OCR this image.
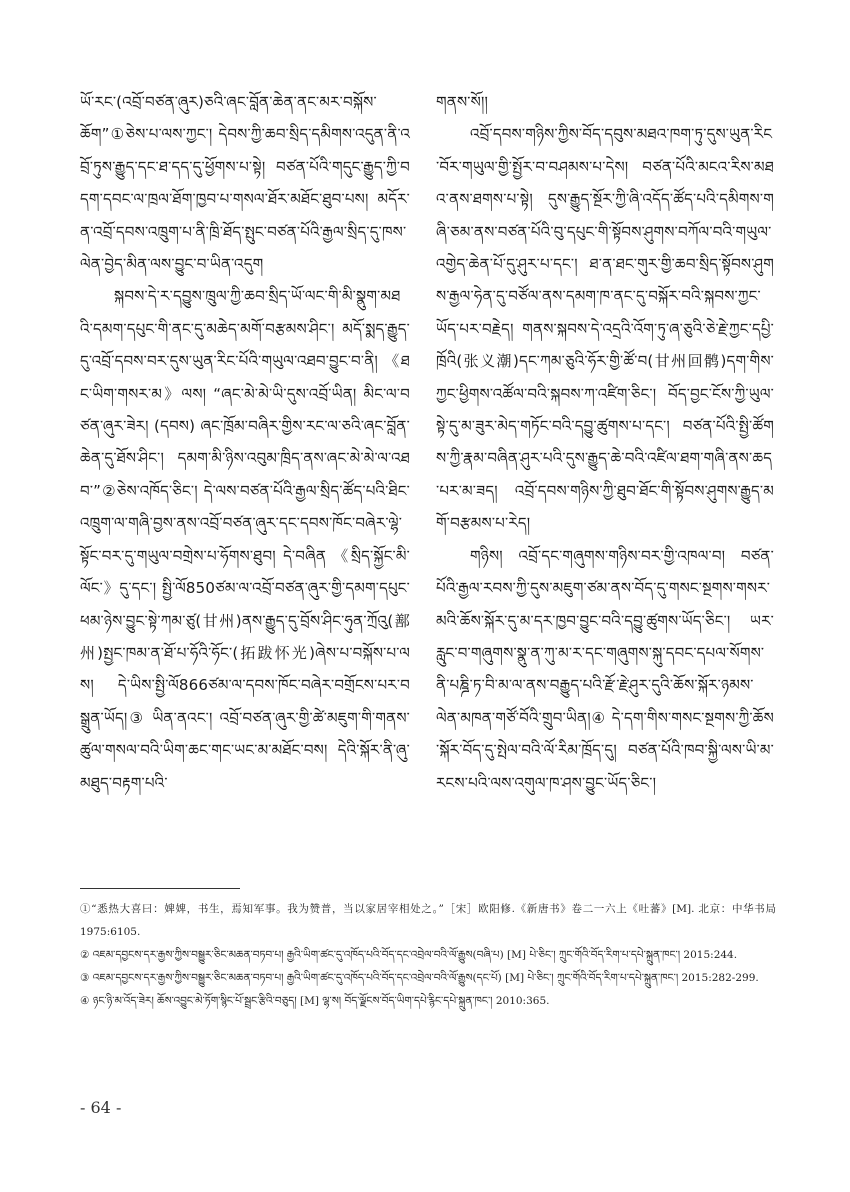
ཡོ་རང་(འབྲོ་བཙན་ཞུར)ཅའི་ཞང་བློན་ཆེན་ནང་མར་བསྐོས་ཆོག”①ཅེས་པ་ལས་ཀྱང་། དེབས་ཀྱི་ཆབ་སྲིད་དམིགས་འདུན་ནི་འབྲོ་ཏུས་རྒྱུད་དང་ཐ་དད་དུ་ཕྱོགས་པ་སྟེ། བཙན་པོའི་གདུང་རྒྱུད་ཀྱི་བདག་དབང་ལ་ཁྲལ་ཐོག་ཁྱབ་པ་གསལ་ཐོར་མཐོང་ཐུབ་པས། མདོར་ན་འབྲོ་དབས་འཁྲུག་པ་ནི་ཁྲི་ཐོད་སྤུང་བཙན་པོའི་རྒྱལ་སྲིད་དུ་ཁས་ལེན་བྱེད་མིན་ལས་བྱུང་བ་ཡིན་འདུག

སྐབས་དེ་ར་དབྱུས་ཁྲུལ་ཀྱི་ཆབ་སྲིད་ཡོ་ལང་གི་མི་སྣུག་མཐའི་དམག་དཔུང་གི་ནང་དུ་མཆེད་མགོ་བརྩམས་ཤིང་། མདོ་སྨད་རྒྱུད་དུ་འབྲོ་དབས་བར་དུས་ཡུན་རིང་པོའི་གཡུལ་འཐབ་བྱུང་བ་ནི། 《ཐང་ཡིག་གསར་མ》ལས། “ཞང་མེ་མེ་ཡི་དུས་འབྲོ་ཡིན། མིང་ལ་བཙན་ཞུར་ཟེར། (དབས) ཞང་ཁྲོམ་བཞིར་གྱིས་རང་ལ་ཅའི་ཞང་བློན་ཆེན་དུ་ཐོས་ཤིང་། དམག་མི་ཉིས་འབུམ་ཁྲིད་ནས་ཞང་མེ་མེ་ལ་འཐབ་”②ཅེས་འཁོད་ཅིང་། དེ་ལས་བཙན་པོའི་རྒྱལ་སྲིད་ཚོད་པའི་ཐིང་འཁྲུག་ལ་གཞི་བྱས་ནས་འབྲོ་བཙན་ཞུར་དང་དབས་ཁོང་བཞེར་ལྷེ་སྟོང་བར་དུ་གཡུལ་བགྲེས་པ་ཧོགས་ཐུབ། དེ་བཞིན 《སྲིད་སྐྱོང་མི་ལོང་》དུ་དང་། སྤྱི་ལོ850ཙམ་ལ་འབྲོ་བཙན་ཞུར་གྱི་དམག་དཔུང་ཕམ་ཉེས་བྱུང་སྟེ་ཀམ་ཙུ(甘州)ནས་རྒྱུད་དུ་བྲོས་ཤིང་ཧུན་ཀྲོའུ(鄯州)སྤྱང་ཁམ་ན་ཐོ་པ་ཧོའི་ཧོང་(拓跋怀光)ཞེས་པ་བསྐོས་པ་ལས། དེ་ཡིས་སྤྱི་ལོ866ཙམ་ལ་དབས་ཁོང་བཞེར་བགྲོངས་པར་བསྒྲུན་ཡོད།③ ཡིན་ནའང་། འབྲོ་བཙན་ཞུར་གྱི་ཚེ་མཇུག་གི་གནས་ཚུལ་གསལ་བའི་ཡིག་ཆང་གང་ཡང་མ་མཐོང་བས། དེའི་སྐོར་ནི་ཞུ་མཐུད་བརྟག་པའི་

གནས་སོ།།

འབྲོ་དབས་གཉིས་ཀྱིས་བོད་དབུས་མཐའ་ཁག་ཏུ་དུས་ཡུན་རིང་བོར་གཡུལ་གྱི་སྤྱོར་བ་བཤམས་པ་དེས། བཙན་པོའི་མངའ་རིས་མཐའ་ནས་ཐགས་པ་སྟེ། དུས་རྒྱུད་སྔོར་ཀྱི་ཞི་འདོད་ཚོད་པའི་དམིགས་གཞི་ཅམ་ནས་བཙན་པོའི་བུ་དཔུང་གི་སྟོབས་ཤུགས་བཀོལ་བའི་གཡུལ་འགྱེད་ཆེན་པོ་དུ་ཤུར་པ་དང་། ཐ་ན་ཐང་གུར་གྱི་ཆབ་སྲིད་སྟོབས་ཤུགས་རྒྱལ་ཧེན་དུ་བཙོལ་ནས་དམག་ཁ་ནང་དུ་བསྐོར་བའི་སྐབས་ཀྱང་ཡོད་པར་བརྗེད། གནས་སྐབས་དེ་འདྲའི་འོག་ཏུ་ཞ་ཅུའི་ཅེ་རྗེ་ཀྱང་དཔྱི་ཁྲོའི(张义潮)དང་ཀམ་ཅུའི་ཧོར་གྱི་ཚོ་བ(甘州回鹘)དག་གིས་ཀྱང་ཕྱིགས་འཚོལ་བའི་སྐབས་ཀ་འཛིག་ཅིང་། བོད་བྱང་ངོས་ཀྱི་ཡུལ་སྟེ་དུ་མ་ཟུར་མེད་གཏོང་བའི་དབྱུ་ཚུགས་པ་དང་། བཙན་པོའི་སྤྱི་ཚོགས་ཀྱི་རྣམ་བཞིན་ཤུར་པའི་དུས་རྒྱུད་ཆེ་བའི་འཛིལ་ཐག་གཞི་ནས་ཆད་པར་མ་ཟད། འབྲོ་དབས་གཉིས་ཀྱི་ཐུབ་ཐོང་གི་སྟོབས་ཤུགས་རྒྱུད་མགོ་བརྩམས་པ་རེད།

གཉིས། འབྲོ་དང་གཞུགས་གཉིས་བར་གྱི་འཁལ་བ། བཙན་པོའི་རྒྱལ་རབས་ཀྱི་དུས་མཇུག་ཙམ་ནས་བོད་དུ་གསང་སྔགས་གསར་མའི་ཆོས་སྐོར་དུ་མ་དར་ཁྱབ་བྱུང་བའི་དབྱུ་ཚུགས་ཡོད་ཅིང་། ཡར་རླུང་བ་གཞུགས་སྣུ་ན་ཀུ་མ་ར་དང་གཞུགས་སྐུ་དབང་དཔལ་སོགས་ནི་པཎྜི་ཏ་བི་མ་ལ་ནས་བརྒྱུད་པའི་རྫོ་རྗེ་ཤུར་དུའི་ཆོས་སྐོར་ཉམས་ལེན་མཁན་གཙོ་བོའི་གྲུབ་ཡིན།④ དེ་དག་གིས་གསང་སྔགས་ཀྱི་ཆོས་སྐོར་བོད་དུ་སྤེལ་བའི་ལོ་རིམ་ཁྲོད་དུ། བཙན་པོའི་ཁབ་སྐྱི་ལས་ཡི་མ་རངས་པའི་ལས་འགུལ་ཁ་ཤས་བྱུང་ཡོད་ཅིང་།

①“悉热大喜曰：婢婢，书生，焉知军事。我为赞普，当以家居宰相处之。”［宋］欧阳修.《新唐书》卷二一六上《吐蕃》[M]. 北京：中华书局 1975:6105.

② འཇམ་དབྱངས་དར་རྒྱས་ཀྱིས་བསྒྱུར་ཅིང་མཆན་བཏབ་པ། རྒྱའི་ཡིག་ཚང་དུ་འཁོད་པའི་བོད་དང་འབྲེལ་བའི་ལོ་རྒྱུས(བཞི་པ) [M] པེ་ཅིང་། ཀྲུང་གོའི་བོད་རིག་པ་དཔེ་སྐྲུན་ཁང་། 2015:244.

③ འཇམ་དབྱངས་དར་རྒྱས་ཀྱིས་བསྒྱུར་ཅིང་མཆན་བཏབ་པ། རྒྱའི་ཡིག་ཚང་དུ་འཁོད་པའི་བོད་དང་འབྲེལ་བའི་ལོ་རྒྱུས(དང་པོ) [M] པེ་ཅིང་། ཀྲུང་གོའི་བོད་རིག་པ་དཔེ་སྐྲུན་ཁང་། 2015:282-299.

④ ཉང་ཉི་མ་འོད་ཟེར། ཆོས་འབྱུང་མེ་ཏོག་སྙིང་པོ་སྦྲང་རྩིའི་བཅུད། [M] ལྷ་ས། བོད་ལྗོངས་བོད་ཡིག་དཔེ་རྙིང་དཔེ་སྐྲུན་ཁང་། 2010:365.

- 64 -
